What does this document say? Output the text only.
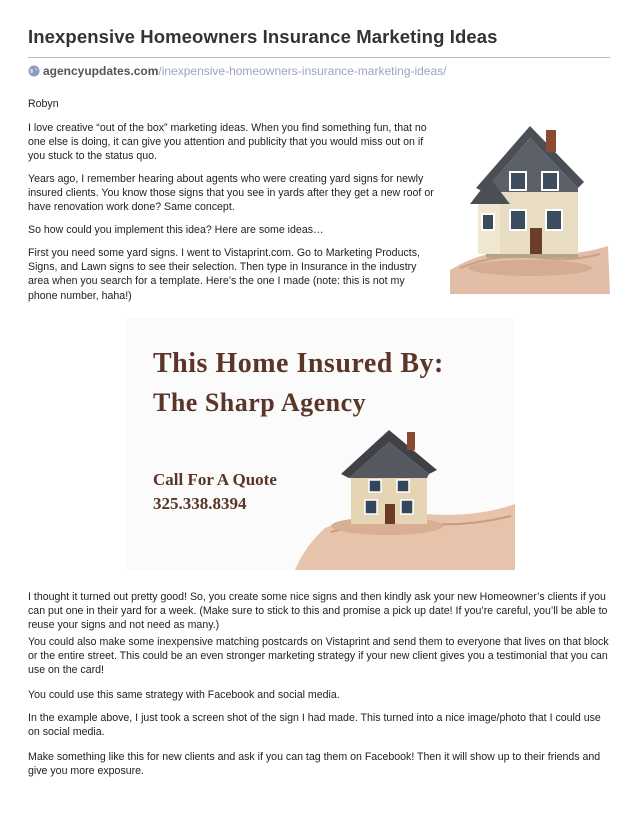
Inexpensive Homeowners Insurance Marketing Ideas
agencyupdates.com/inexpensive-homeowners-insurance-marketing-ideas/

Robyn

I love creative “out of the box” marketing ideas. When you find something fun, that no one else is doing, it can give you attention and publicity that you would miss out on if you stuck to the status quo.

Years ago, I remember hearing about agents who were creating yard signs for newly insured clients. You know those signs that you see in yards after they get a new roof or have renovation work done? Same concept.

So how could you implement this idea? Here are some ideas…

First you need some yard signs. I went to Vistaprint.com. Go to Marketing Products, Signs, and Lawn signs to see their selection. Then type in Insurance in the industry area when you search for a template. Here’s the one I made (note: this is not my phone number, haha!)

This Home Insured By:
The Sharp Agency
Call For A Quote
325.338.8394

I thought it turned out pretty good! So, you create some nice signs and then kindly ask your new Homeowner’s clients if you can put one in their yard for a week. (Make sure to stick to this and promise a pick up date! If you’re careful, you’ll be able to reuse your signs and not need as many.)

You could also make some inexpensive matching postcards on Vistaprint and send them to everyone that lives on that block or the entire street. This could be an even stronger marketing strategy if your new client gives you a testimonial that you can use on the card!

You could use this same strategy with Facebook and social media.

In the example above, I just took a screen shot of the sign I had made. This turned into a nice image/photo that I could use on social media.

Make something like this for new clients and ask if you can tag them on Facebook! Then it will show up to their friends and give you more exposure.
